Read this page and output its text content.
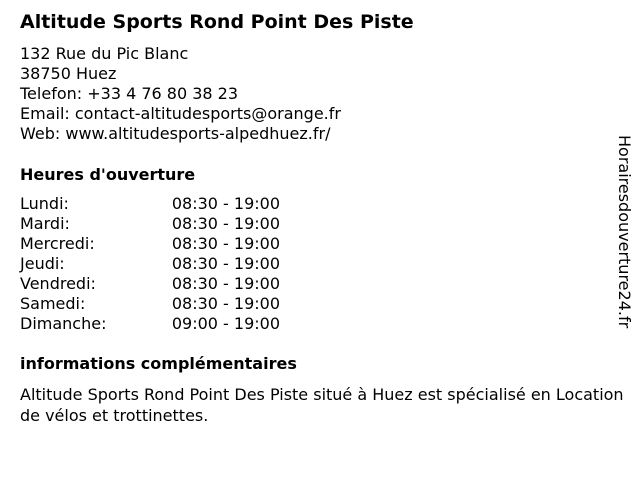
Altitude Sports Rond Point Des Piste
132 Rue du Pic Blanc
38750 Huez
Telefon: +33 4 76 80 38 23
Email: contact-altitudesports@orange.fr
Web: www.altitudesports-alpedhuez.fr/
Heures d'ouverture
Lundi:	08:30 - 19:00
Mardi:	08:30 - 19:00
Mercredi:	08:30 - 19:00
Jeudi:	08:30 - 19:00
Vendredi:	08:30 - 19:00
Samedi:	08:30 - 19:00
Dimanche:	09:00 - 19:00
informations complémentaires
Altitude Sports Rond Point Des Piste situé à Huez est spécialisé en Location de vélos et trottinettes.
Horairesdouverture24.fr
